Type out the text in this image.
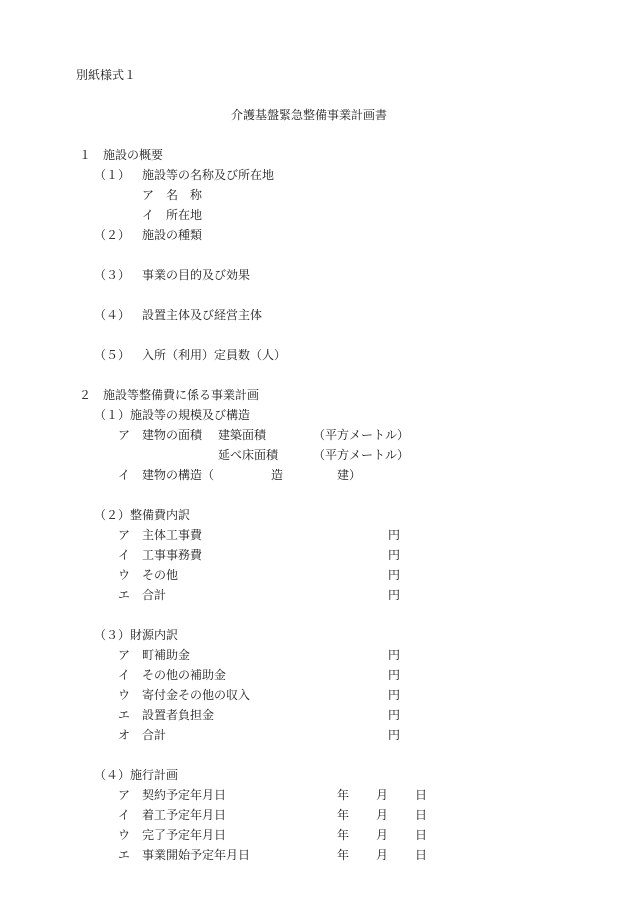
別紙様式１
介護基盤緊急整備事業計画書
１ 施設の概要
（１） 施設等の名称及び所在地
ア 名　称
イ 所在地
（２） 施設の種類
（３） 事業の目的及び効果
（４） 設置主体及び経営主体
（５） 入所（利用）定員数（人）
２ 施設等整備費に係る事業計画
（１）施設等の規模及び構造
ア 建物の面積 建築面積	（平方メートル）
延べ床面積	（平方メートル）
イ 建物の構造（	造	建）
（２）整備費内訳
ア 主体工事費	円
イ 工事事務費	円
ウ その他	円
エ 合計	円
（３）財源内訳
ア 町補助金	円
イ その他の補助金	円
ウ 寄付金その他の収入	円
エ 設置者負担金	円
オ 合計	円
（４）施行計画
ア 契約予定年月日	年 月 日
イ 着工予定年月日	年 月 日
ウ 完了予定年月日	年 月 日
エ 事業開始予定年月日	年 月 日
